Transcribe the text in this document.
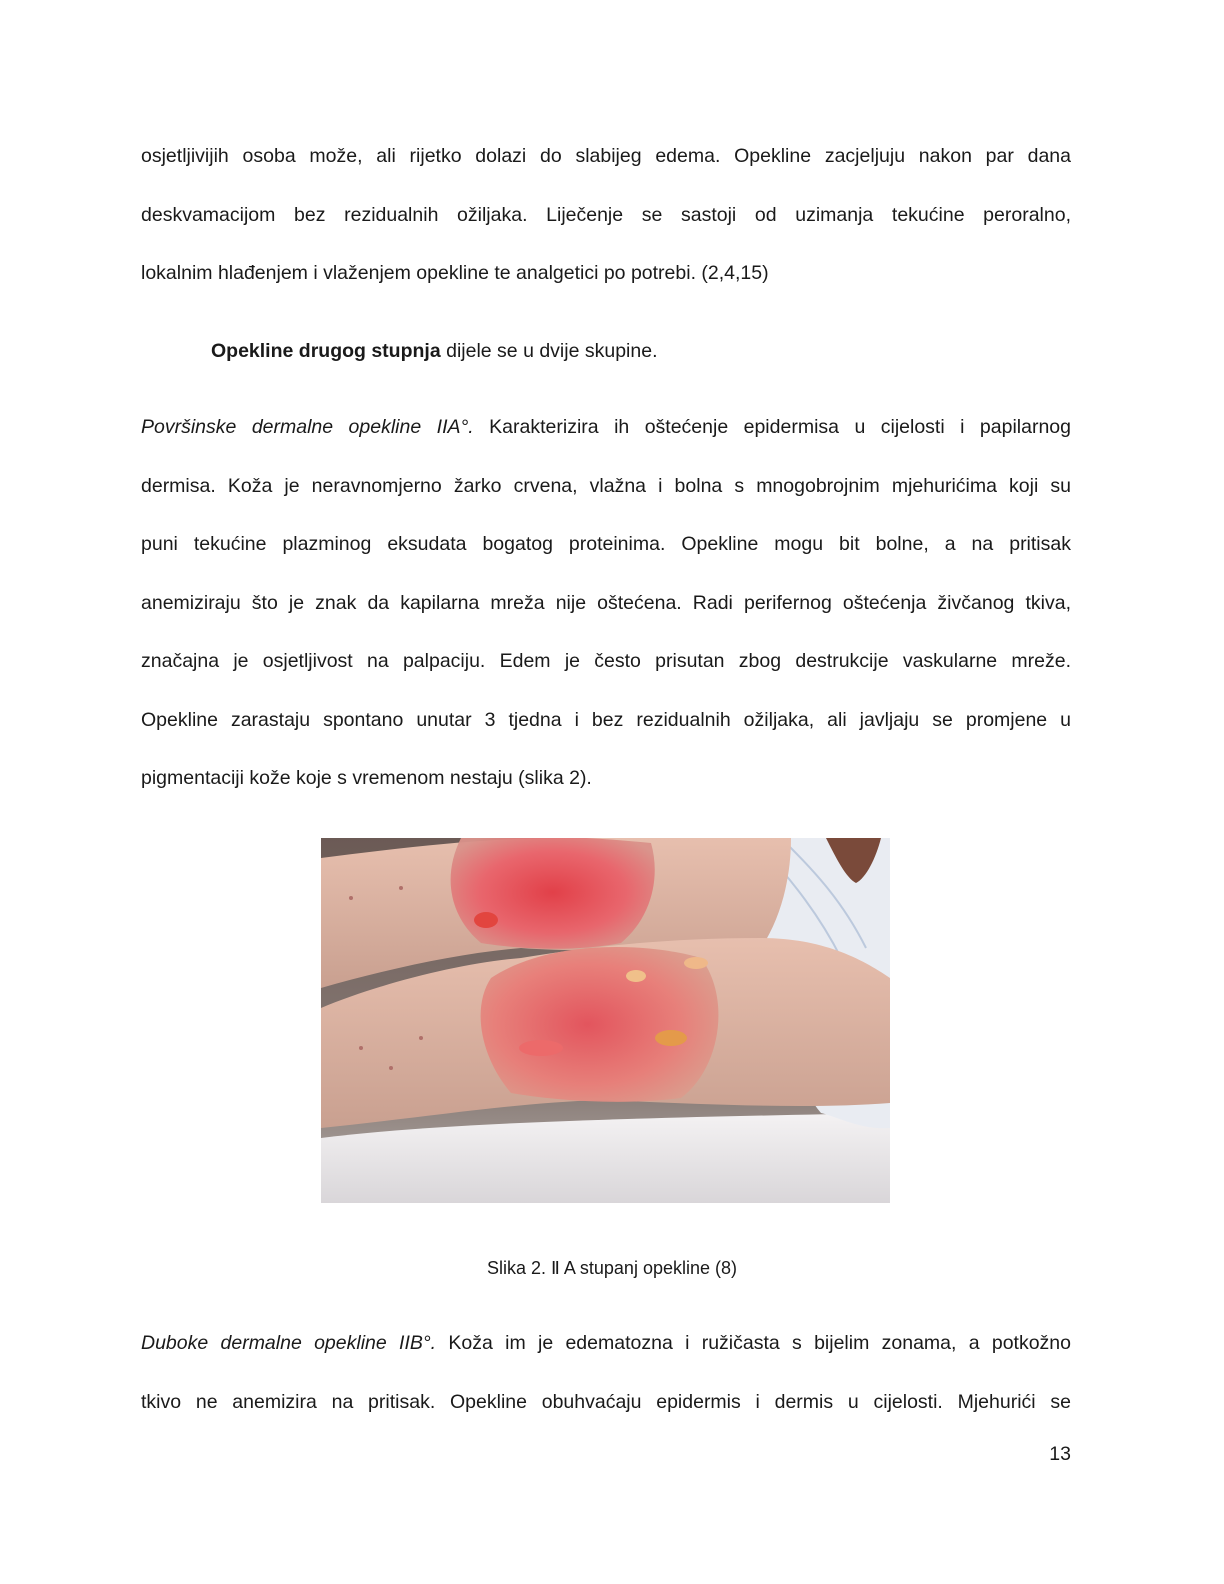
osjetljivijih osoba može, ali rijetko dolazi do slabijeg edema. Opekline zacjeljuju nakon par dana
deskvamacijom bez rezidualnih ožiljaka. Liječenje se sastoji od uzimanja tekućine peroralno,
lokalnim hlađenjem i vlaženjem opekline te analgetici po potrebi. (2,4,15)
Opekline drugog stupnja dijele se u dvije skupine.
Površinske dermalne opekline IIA°. Karakterizira ih oštećenje epidermisa u cijelosti i papilarnog
dermisa. Koža je neravnomjerno žarko crvena, vlažna i bolna s mnogobrojnim mjehurićima koji su
puni tekućine plazminog eksudata bogatog proteinima. Opekline mogu bit bolne, a na pritisak
anemiziraju što je znak da kapilarna mreža nije oštećena. Radi perifernog oštećenja živčanog tkiva,
značajna je osjetljivost na palpaciju. Edem je često prisutan zbog destrukcije vaskularne mreže.
Opekline zarastaju spontano unutar 3 tjedna i bez rezidualnih ožiljaka, ali javljaju se promjene u
pigmentaciji kože koje s vremenom nestaju (slika 2).
Slika 2. Ⅱ A stupanj opekline (8)
Duboke dermalne opekline IIB°. Koža im je edematozna i ružičasta s bijelim zonama, a potkožno
tkivo ne anemizira na pritisak. Opekline obuhvaćaju epidermis i dermis u cijelosti. Mjehurići se
13
